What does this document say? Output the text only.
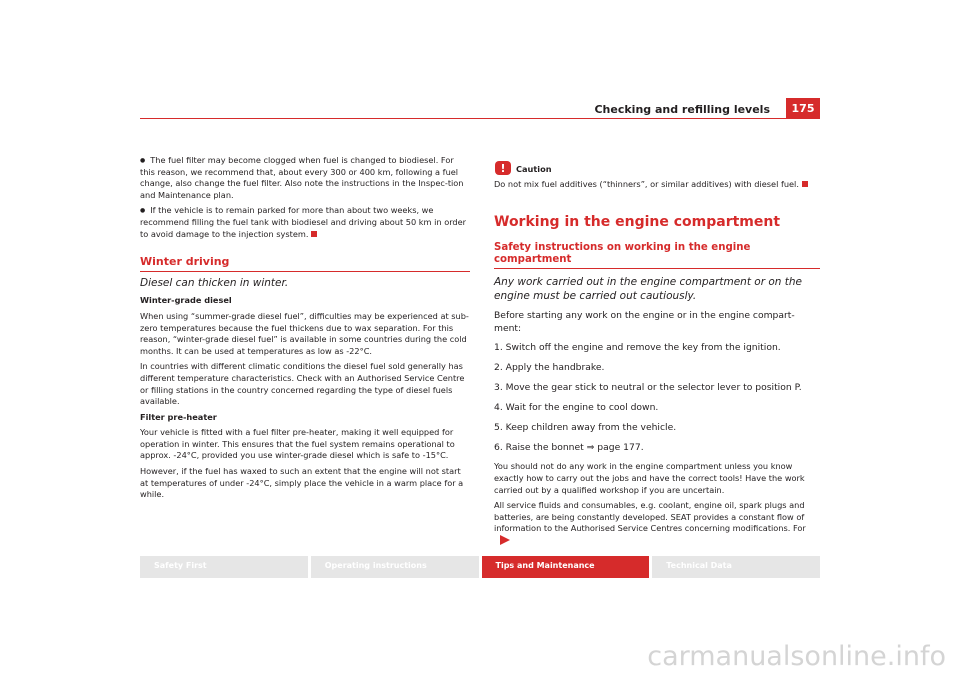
Checking and refilling levels	175

● The fuel filter may become clogged when fuel is changed to biodiesel. For this reason, we recommend that, about every 300 or 400 km, following a fuel change, also change the fuel filter. Also note the instructions in the Inspec-tion and Maintenance plan.

● If the vehicle is to remain parked for more than about two weeks, we recommend filling the fuel tank with biodiesel and driving about 50 km in order to avoid damage to the injection system.

Winter driving
Diesel can thicken in winter.

Winter-grade diesel

When using “summer-grade diesel fuel”, difficulties may be experienced at sub-zero temperatures because the fuel thickens due to wax separation. For this reason, “winter-grade diesel fuel” is available in some countries during the cold months. It can be used at temperatures as low as -22°C.

In countries with different climatic conditions the diesel fuel sold generally has different temperature characteristics. Check with an Authorised Service Centre or filling stations in the country concerned regarding the type of diesel fuels available.

Filter pre-heater

Your vehicle is fitted with a fuel filter pre-heater, making it well equipped for operation in winter. This ensures that the fuel system remains operational to approx. -24°C, provided you use winter-grade diesel which is safe to -15°C.

However, if the fuel has waxed to such an extent that the engine will not start at temperatures of under -24°C, simply place the vehicle in a warm place for a while.

! Caution

Do not mix fuel additives (“thinners”, or similar additives) with diesel fuel.

Working in the engine compartment
Safety instructions on working in the engine compartment
Any work carried out in the engine compartment or on the engine must be carried out cautiously.
Before starting any work on the engine or in the engine compart-ment:
1. Switch off the engine and remove the key from the ignition.
2. Apply the handbrake.
3. Move the gear stick to neutral or the selector lever to position P.
4. Wait for the engine to cool down.
5. Keep children away from the vehicle.
6. Raise the bonnet ⇒ page 177.

You should not do any work in the engine compartment unless you know exactly how to carry out the jobs and have the correct tools! Have the work carried out by a qualified workshop if you are uncertain.

All service fluids and consumables, e.g. coolant, engine oil, spark plugs and batteries, are being constantly developed. SEAT provides a constant flow of information to the Authorised Service Centres concerning modifications. For

Safety First	Operating instructions	Tips and Maintenance	Technical Data
carmanualsonline.info
